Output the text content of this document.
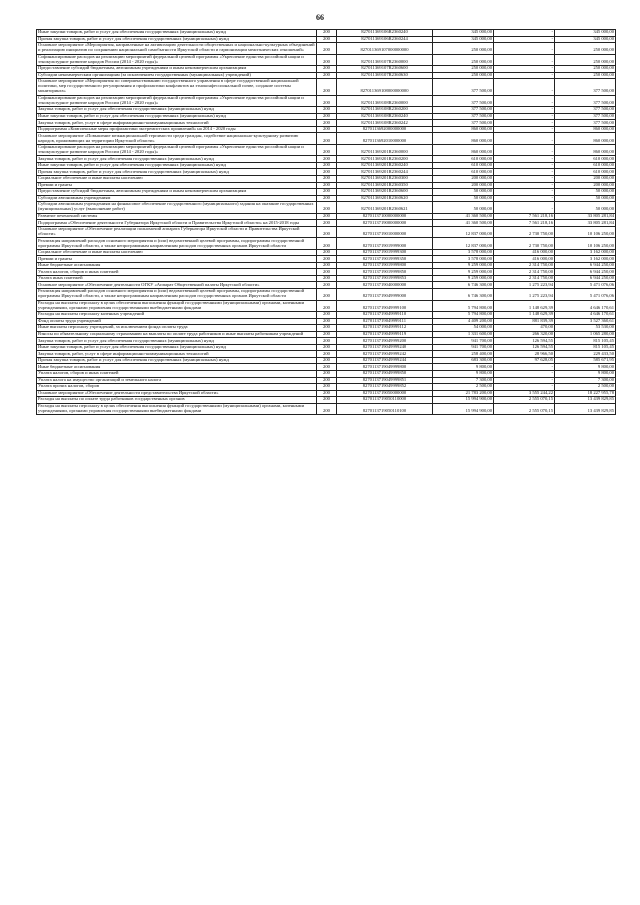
66
Иные закупки товаров, работ и услуг для обеспечения государственных (муниципальных) нужд	200	827011369106R2360240	345 000,00	-	345 000,00
Прочая закупка товаров, работ и услуг для обеспечения государственных (муниципальных) нужд	200	827011369106R2360244	345 000,00	-	345 000,00
Основное мероприятие «Мероприятия, направленные на активизацию деятельности общественных и национально-культурных объединений и реализацию инициатив по сохранению национальной самобытности Иркутской области и гармонизации межэтнических отношений»	200	827011369107000000000	250 000,00	-	250 000,00
Софинансирование расходов на реализацию мероприятий федеральной целевой программы «Укрепление единства российской нации и этнокультурное развитие народов России (2014 - 2020 годы)»	200	827011369107R2360000	250 000,00	-	250 000,00
Предоставление субсидий бюджетным, автономным учреждениям и иным некоммерческим организациям	200	827011369107R2360600	250 000,00	-	250 000,00
Субсидии некоммерческим организациям (за исключением государственных (муниципальных) учреждений)	200	827011369107R2360630	250 000,00	-	250 000,00
Основное мероприятие «Мероприятия по совершенствованию государственного управления в сфере государственной национальной политики, мер государственного регулирования и профилактики конфликтов на этноконфессиональной почве, создание системы мониторинга»	200	827011369108000000000	377 500,00	-	377 500,00
Софинансирование расходов на реализацию мероприятий федеральной целевой программы «Укрепление единства российской нации и этнокультурное развитие народов России (2014 - 2020 годы)»	200	827011369108R2360000	377 500,00	-	377 500,00
Закупка товаров, работ и услуг для обеспечения государственных (муниципальных) нужд	200	827011369108R2360200	377 500,00	-	377 500,00
Иные закупки товаров, работ и услуг для обеспечения государственных (муниципальных) нужд	200	827011369108R2360240	377 500,00	-	377 500,00
Закупка товаров, работ, услуг в сфере информационно-коммуникационных технологий	200	827011369108R2360242	377 500,00	-	377 500,00
Подпрограмма «Комплексные меры профилактики экстремистских проявлений» на 2014 - 2020 годы	200	8270113692000000000	860 000,00	-	860 000,00
Основное мероприятие «Повышение межнациональной терпимости среди граждан, содействие национально-культурному развитию народов, проживающих на территории Иркутской области»	200	8270113692010000000	860 000,00	-	860 000,00
Софинансирование расходов на реализацию мероприятий федеральной целевой программы «Укрепление единства российской нации и этнокультурное развитие народов России (2014 - 2020 годы)»	200	827011369201R2360000	860 000,00	-	860 000,00
Закупка товаров, работ и услуг для обеспечения государственных (муниципальных) нужд	200	827011369201R2360200	610 000,00	-	610 000,00
Иные закупки товаров, работ и услуг для обеспечения государственных (муниципальных) нужд	200	827011369201R2360240	610 000,00	-	610 000,00
Прочая закупка товаров, работ и услуг для обеспечения государственных (муниципальных) нужд	200	827011369201R2360244	610 000,00	-	610 000,00
Социальное обеспечение и иные выплаты населению	200	827011369201R2360300	200 000,00	-	200 000,00
Премии и гранты	200	827011369201R2360350	200 000,00	-	200 000,00
Предоставление субсидий бюджетным, автономным учреждениям и иным некоммерческим организациям	200	827011369201R2360600	50 000,00	-	50 000,00
Субсидии автономным учреждениям	200	827011369201R2360620	50 000,00	-	50 000,00
Субсидии автономным учреждениям на финансовое обеспечение государственного (муниципального) задания на оказание государственных (муниципальных) услуг (выполнение работ)	200	827011369201R2360621	50 000,00	-	50 000,00
Развитие печеночной системы	200	8270113710000000000	41 360 500,00	7 561 218,16	33 805 281,84
Подпрограмма «Обеспечение деятельности Губернатора Иркутской области и Правительства Иркутской области» на 2015-2018 годы	200	8270113719000000000	41 360 500,00	7 561 218,16	33 805 281,84
Основное мероприятие «Обеспечение реализации полномочий аппарата Губернатора Иркутской области и Правительства Иркутской области»	200	8270113719010000000	12 837 000,00	2 730 750,00	10 106 250,00
Реализация направлений расходов основного мероприятия и (или) ведомственной целевой программы, подпрограммы государственной программы Иркутской области, а также непрограммным направлениям расходов государственных органов Иркутской области	200	8270113719019999000	12 837 000,00	2 730 750,00	10 106 250,00
Социальное обеспечение и иные выплаты населению	200	8270113719019999300	3 578 000,00	416 000,00	3 162 000,00
Премии и гранты	200	8270113719019999350	3 578 000,00	416 000,00	3 162 000,00
Иные бюджетные ассигнования	200	8270113719019999800	9 259 000,00	2 314 750,00	6 944 250,00
Уплата налогов, сборов и иных платежей	200	8270113719019999850	9 259 000,00	2 314 750,00	6 944 250,00
Уплата иных платежей	200	8270113719019999853	9 259 000,00	2 314 750,00	6 944 250,00
Основное мероприятие «Обеспечение деятельности ОГКУ «Аппарат Общественной палаты Иркутской области»	200	8270113719040000000	6 746 300,00	1 275 223,94	5 471 076,06
Реализация направлений расходов основного мероприятия и (или) ведомственной целевой программы, подпрограммы государственной программы Иркутской области, а также непрограммным направлениям расходов государственных органов Иркутской области	200	8270113719049999000	6 746 300,00	1 275 223,94	5 471 076,06
Расходы на выплаты персоналу в целях обеспечения выполнения функций государственными (муниципальными) органами, казенными учреждениями, органами управления государственными внебюджетными фондами	200	8270113719049999100	5 794 800,00	1 148 629,39	4 646 170,61
Расходы на выплаты персоналу казенных учреждений	200	8270113719049999110	5 794 800,00	1 148 629,39	4 646 170,61
Фонд оплаты труда учреждений	200	8270113719049999111	4 409 200,00	881 839,39	3 527 360,61
Иные выплаты персоналу учреждений, за исключением фонда оплаты труда	200	8270113719049999112	54 000,00	470,00	53 530,00
Взносы по обязательному социальному страхованию на выплаты по оплате труда работников и иные выплаты работникам учреждений	200	8270113719049999119	1 331 600,00	266 320,00	1 065 280,00
Закупка товаров, работ и услуг для обеспечения государственных (муниципальных) нужд	200	8270113719049999200	941 700,00	126 594,55	815 105,45
Иные закупки товаров, работ и услуг для обеспечения государственных (муниципальных) нужд	200	8270113719049999240	941 700,00	126 594,55	815 105,45
Закупка товаров, работ, услуг в сфере информационно-коммуникационных технологий	200	8270113719049999242	258 400,00	28 966,50	229 433,50
Прочая закупка товаров, работ и услуг для обеспечения государственных (муниципальных) нужд	200	8270113719049999244	683 300,00	97 628,05	585 671,95
Иные бюджетные ассигнования	200	8270113719049999800	9 800,00	-	9 800,00
Уплата налогов, сборов и иных платежей	200	8270113719049999850	9 800,00	-	9 800,00
Уплата налога на имущество организаций и земельного налога	200	8270113719049999851	7 300,00	-	7 300,00
Уплата прочих налогов, сборов	200	8270113719049999852	2 500,00	-	2 500,00
Основное мероприятие «Обеспечение деятельности представительства Иркутской области»	200	8270113719050000000	21 783 200,00	3 555 244,22	18 227 955,78
Расходы на выплаты по оплате труда работников государственных органов	200	8270113719050110000	15 994 900,00	2 555 070,15	13 439 829,85
Расходы на выплаты персоналу в целях обеспечения выполнения функций государственными (муниципальными) органами, казенными учреждениями, органами управления государственными внебюджетными фондами	200	8270113719050110100	15 994 900,00	2 555 070,15	13 439 829,85
